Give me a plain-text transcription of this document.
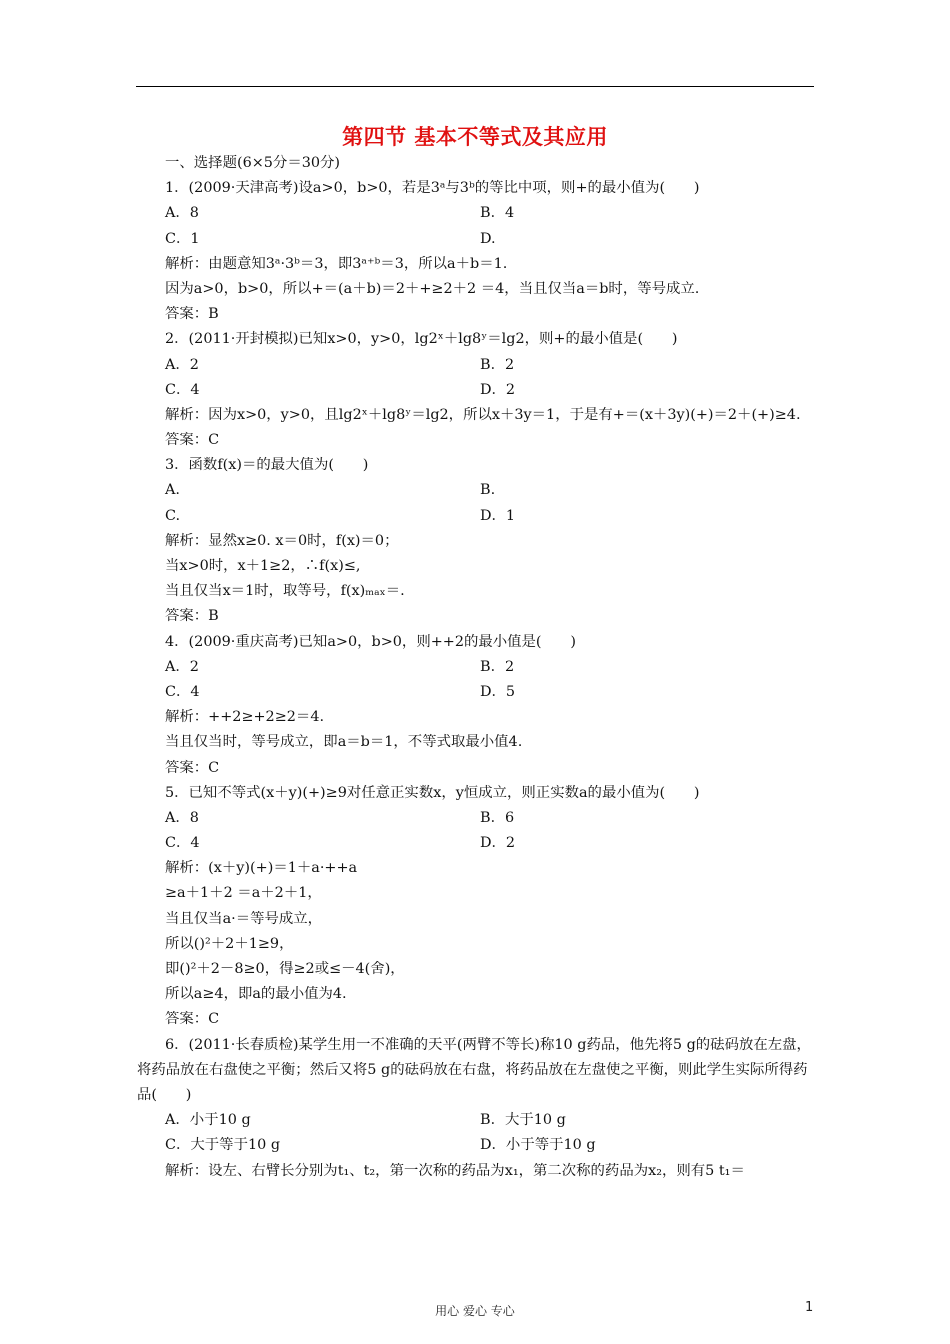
第四节 基本不等式及其应用
一、选择题(6×5分＝30分)
1．(2009·天津高考)设a>0，b>0，若是3ᵃ与3ᵇ的等比中项，则+的最小值为(　　)
A．8	B．4
C．1	D.
解析：由题意知3ᵃ·3ᵇ＝3，即3ᵃ⁺ᵇ＝3，所以a＋b＝1.
因为a>0，b>0，所以+＝(a＋b)＝2＋+≥2＋2 ＝4，当且仅当a＝b时，等号成立.
答案：B
2．(2011·开封模拟)已知x>0，y>0，lg2ˣ＋lg8ʸ＝lg2，则+的最小值是(　　)
A．2	B．2
C．4	D．2
解析：因为x>0，y>0，且lg2ˣ＋lg8ʸ＝lg2，所以x＋3y＝1，于是有+＝(x＋3y)(+)＝2＋(+)≥4.
答案：C
3．函数f(x)＝的最大值为(　　)
A.	B.
C.	D．1
解析：显然x≥0. x＝0时，f(x)＝0；
当x>0时，x＋1≥2，∴f(x)≤,
当且仅当x＝1时，取等号，f(x)ₘₐₓ＝.
答案：B
4．(2009·重庆高考)已知a>0，b>0，则++2的最小值是(　　)
A．2	B．2
C．4	D．5
解析：++2≥+2≥2＝4.
当且仅当时，等号成立，即a＝b＝1，不等式取最小值4.
答案：C
5．已知不等式(x＋y)(+)≥9对任意正实数x，y恒成立，则正实数a的最小值为(　　)
A．8	B．6
C．4	D．2
解析：(x＋y)(+)＝1＋a·++a
≥a＋1＋2 ＝a＋2＋1，
当且仅当a·＝等号成立，
所以()²＋2＋1≥9，
即()²＋2－8≥0，得≥2或≤－4(舍)，
所以a≥4，即a的最小值为4.
答案：C
6．(2011·长春质检)某学生用一不准确的天平(两臂不等长)称10 g药品，他先将5 g的砝码放在左盘，将药品放在右盘使之平衡；然后又将5 g的砝码放在右盘，将药品放在左盘使之平衡，则此学生实际所得药品(　　)
A．小于10 g	B．大于10 g
C．大于等于10 g	D．小于等于10 g
解析：设左、右臂长分别为t₁、t₂，第一次称的药品为x₁，第二次称的药品为x₂，则有5 t₁＝
用心 爱心 专心	1
